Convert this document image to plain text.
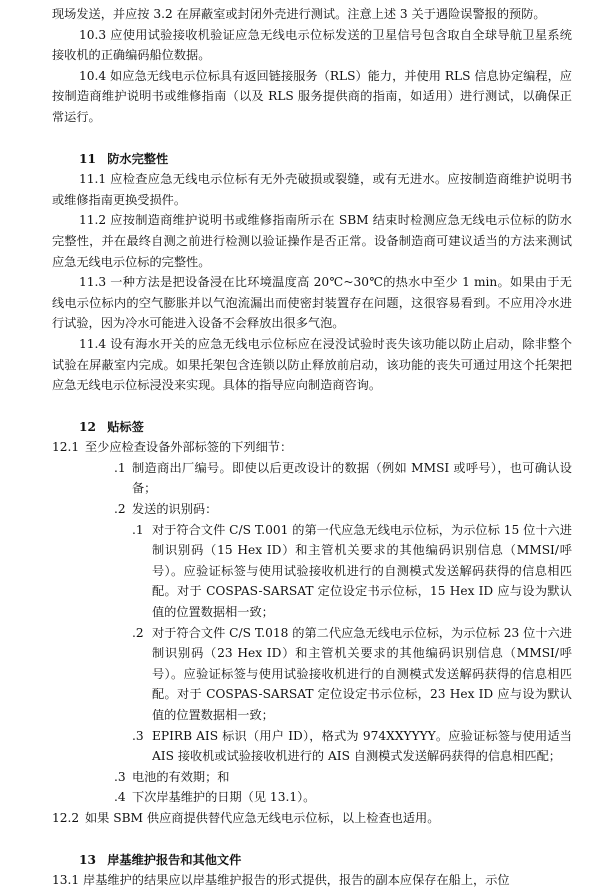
现场发送，并应按 3.2 在屏蔽室或封闭外壳进行测试。注意上述 3 关于遇险误警报的预防。

10.3 应使用试验接收机验证应急无线电示位标发送的卫星信号包含取自全球导航卫星系统接收机的正确编码船位数据。

10.4 如应急无线电示位标具有返回链接服务（RLS）能力，并使用 RLS 信息协定编程，应按制造商维护说明书或维修指南（以及 RLS 服务提供商的指南，如适用）进行测试，以确保正常运行。

11 防水完整性

11.1 应检查应急无线电示位标有无外壳破损或裂缝，或有无进水。应按制造商维护说明书或维修指南更换受损件。

11.2 应按制造商维护说明书或维修指南所示在 SBM 结束时检测应急无线电示位标的防水完整性，并在最终自测之前进行检测以验证操作是否正常。设备制造商可建议适当的方法来测试应急无线电示位标的完整性。

11.3 一种方法是把设备浸在比环境温度高 20℃~30℃的热水中至少 1 min。如果由于无线电示位标内的空气膨胀并以气泡流漏出而使密封装置存在问题，这很容易看到。不应用冷水进行试验，因为冷水可能进入设备不会释放出很多气泡。

11.4 设有海水开关的应急无线电示位标应在浸没试验时丧失该功能以防止启动，除非整个试验在屏蔽室内完成。如果托架包含连锁以防止释放前启动，该功能的丧失可通过用这个托架把应急无线电示位标浸没来实现。具体的指导应向制造商咨询。

12 贴标签
12.1 至少应检查设备外部标签的下列细节：
.1 制造商出厂编号。即使以后更改设计的数据（例如 MMSI 或呼号），也可确认设备；
.2 发送的识别码：
.1 对于符合文件 C/S T.001 的第一代应急无线电示位标，为示位标 15 位十六进制识别码（15 Hex ID）和主管机关要求的其他编码识别信息（MMSI/呼号）。应验证标签与使用试验接收机进行的自测模式发送解码获得的信息相匹配。对于 COSPAS-SARSAT 定位设定书示位标，15 Hex ID 应与设为默认值的位置数据相一致；
.2 对于符合文件 C/S T.018 的第二代应急无线电示位标，为示位标 23 位十六进制识别码（23 Hex ID）和主管机关要求的其他编码识别信息（MMSI/呼号）。应验证标签与使用试验接收机进行的自测模式发送解码获得的信息相匹配。对于 COSPAS-SARSAT 定位设定书示位标，23 Hex ID 应与设为默认值的位置数据相一致；
.3 EPIRB AIS 标识（用户 ID），格式为 974XXYYYY。应验证标签与使用适当 AIS 接收机或试验接收机进行的 AIS 自测模式发送解码获得的信息相匹配；
.3 电池的有效期；和
.4 下次岸基维护的日期（见 13.1）。
12.2 如果 SBM 供应商提供替代应急无线电示位标，以上检查也适用。
13 岸基维护报告和其他文件

13.1 岸基维护的结果应以岸基维护报告的形式提供，报告的副本应保存在船上，示位
